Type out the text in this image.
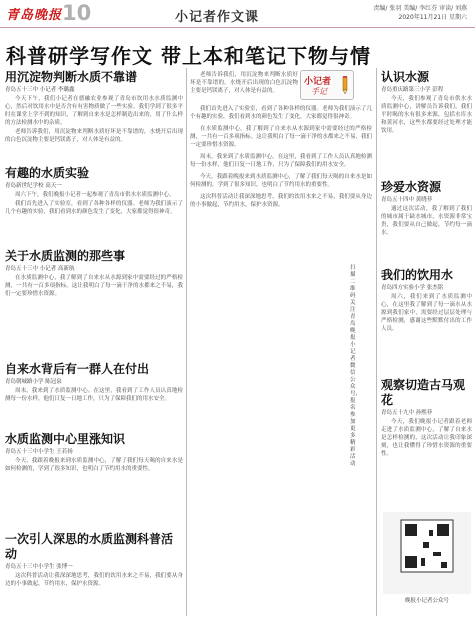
青岛晚报 10	小记者作文课
责编/ 张羽 美编/ 李红芬 审读/ 刘燕
2020年11月21日 星期六
科普研学写作文 带上本和笔记下物与情
用沉淀物判断水质不靠谱
青岛五十三中 小记者 李璐鑫

今天下午，我们小记者在德融农业参观了青岛市饮用水水质监测中心，然后对饮用水中是否含有有害物质做了一些实验。我们学到了很多平时在课堂上学不到的知识，了解到自来水是怎样制造出来的，用了什么样的方法检测水中的杂质。

老师告诉我们，用沉淀物来判断水质好坏是不靠谱的，水烧开后出现的白色沉淀物主要是钙镁离子，对人体是有益的。

有趣的水质实验
青岛新世纪学校 高天一

周六下午，我们晚报小记者一起参观了青岛市供水水质监测中心。

我们首先进入了实验室，看到了各种各样的仪器。老师为我们演示了几个有趣的实验，我们看到水的颜色发生了变化，大家都觉得很神奇。

关于水质监测的那些事
青岛五十三中 小记者 高新航

在水质监测中心，我了解到了自来水从水源到家中需要经过的严格检测，一共有一百多项指标。这让我明白了每一滴干净的水都来之不易，我们一定要珍惜水资源。

自来水背后有一群人在付出
青岛朝城路小学 陈冠泉

周末，我来到了水质监测中心。在这里，我看到了工作人员认真地检测每一份水样，他们日复一日地工作，只为了保障我们的用水安全。

水质监测中心里涨知识
青岛五十三中小学生 王若扬

今天，我跟着晚报来到水质监测中心，了解了我们每天喝的自来水是如何检测的，学到了很多知识，也明白了节约用水的重要性。

一次引人深思的水质监测科普活动
青岛五十三中小学生 张博一

这次科普活动让我深深地思考，我们的饮用水来之不易，我们要从身边的小事做起，节约用水，保护水资源。

老师告诉我们，用沉淀物来判断水质好坏是不靠谱的，水烧开后出现的白色沉淀物主要是钙镁离子，对人体是有益的。

小记者
手记

我们首先进入了实验室，看到了各种各样的仪器。老师为我们演示了几个有趣的实验，我们看到水的颜色发生了变化，大家都觉得很神奇。

在水质监测中心，我了解到了自来水从水源到家中需要经过的严格检测，一共有一百多项指标。这让我明白了每一滴干净的水都来之不易，我们一定要珍惜水资源。

周末，我来到了水质监测中心。在这里，我看到了工作人员认真地检测每一份水样，他们日复一日地工作，只为了保障我们的用水安全。

今天，我跟着晚报来到水质监测中心，了解了我们每天喝的自来水是如何检测的，学到了很多知识，也明白了节约用水的重要性。

这次科普活动让我深深地思考，我们的饮用水来之不易，我们要从身边的小事做起，节约用水，保护水资源。

认识水源
青岛重庆路第三小学 彭程

今天，我们参观了青岛市供水水质监测中心，讲解员告诉我们，我们平时喝的水有很多来源，包括水库水和黄河水，这些水都要经过处理才能饮用。

珍爱水资源
青岛五十四中 黄晓菲

通过这次活动，我了解到了我们的城市属于缺水城市，水资源非常宝贵，我们要从自己做起，节约每一滴水。

我们的饮用水
青岛四方实验小学 张杰铭

周六，我们来到了水质监测中心，在这里我了解到了每一滴水从水源到我们家中，需要经过层层处理与严格检测，感谢这些默默付出的工作人员。

观察切造古马观花
青岛五十九中 孙熙菲

今天，我们晚报小记者跟着老师走进了水质监测中心，了解了自来水是怎样检测的，这次活动让我印象深刻，也让我懂得了珍惜水资源的重要性。

扫描二维码关注青岛晚报小记者微信公众号，报名参加更多精彩活动
晚报小记者公众号
